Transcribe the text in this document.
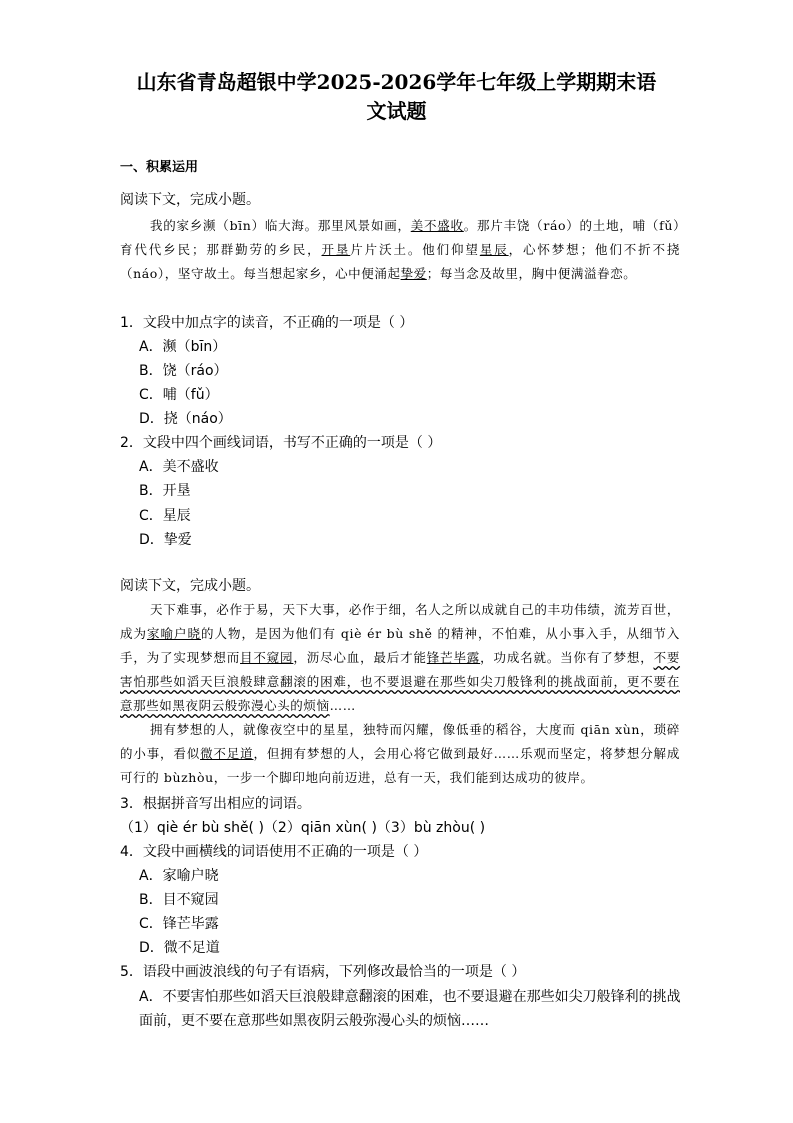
山东省青岛超银中学2025-2026学年七年级上学期期末语
文试题
一、积累运用
阅读下文，完成小题。
我的家乡濒（bīn）临大海。那里风景如画，美不盛收。那片丰饶（ráo）的土地，哺（fǔ）育代代乡民；那群勤劳的乡民，开垦片片沃土。他们仰望星辰，心怀梦想；他们不折不挠（náo），坚守故土。每当想起家乡，心中便涌起挚爱；每当念及故里，胸中便满溢眷恋。
1．文段中加点字的读音，不正确的一项是（ ）
A．濒（bīn）
B．饶（ráo）
C．哺（fǔ）
D．挠（náo）
2．文段中四个画线词语，书写不正确的一项是（ ）
A．美不盛收
B．开垦
C．星辰
D．挚爱
阅读下文，完成小题。
天下难事，必作于易，天下大事，必作于细，名人之所以成就自己的丰功伟绩，流芳百世，成为家喻户晓的人物，是因为他们有 qiè ér bù shě 的精神，不怕难，从小事入手，从细节入手，为了实现梦想而目不窥园，沥尽心血，最后才能锋芒毕露，功成名就。当你有了梦想，不要害怕那些如滔天巨浪般肆意翻滚的困难，也不要退避在那些如尖刀般锋利的挑战面前，更不要在意那些如黑夜阴云般弥漫心头的烦恼……
拥有梦想的人，就像夜空中的星星，独特而闪耀，像低垂的稻谷，大度而 qiān xùn，琐碎的小事，看似微不足道，但拥有梦想的人，会用心将它做到最好……乐观而坚定，将梦想分解成可行的 bùzhòu，一步一个脚印地向前迈进，总有一天，我们能到达成功的彼岸。
3．根据拼音写出相应的词语。
（1）qiè ér bù shě( )（2）qiān xùn( )（3）bù zhòu( )
4．文段中画横线的词语使用不正确的一项是（ ）
A．家喻户晓
B．目不窥园
C．锋芒毕露
D．微不足道
5．语段中画波浪线的句子有语病，下列修改最恰当的一项是（ ）
A．不要害怕那些如滔天巨浪般肆意翻滚的困难，也不要退避在那些如尖刀般锋利的挑战面前，更不要在意那些如黑夜阴云般弥漫心头的烦恼……
